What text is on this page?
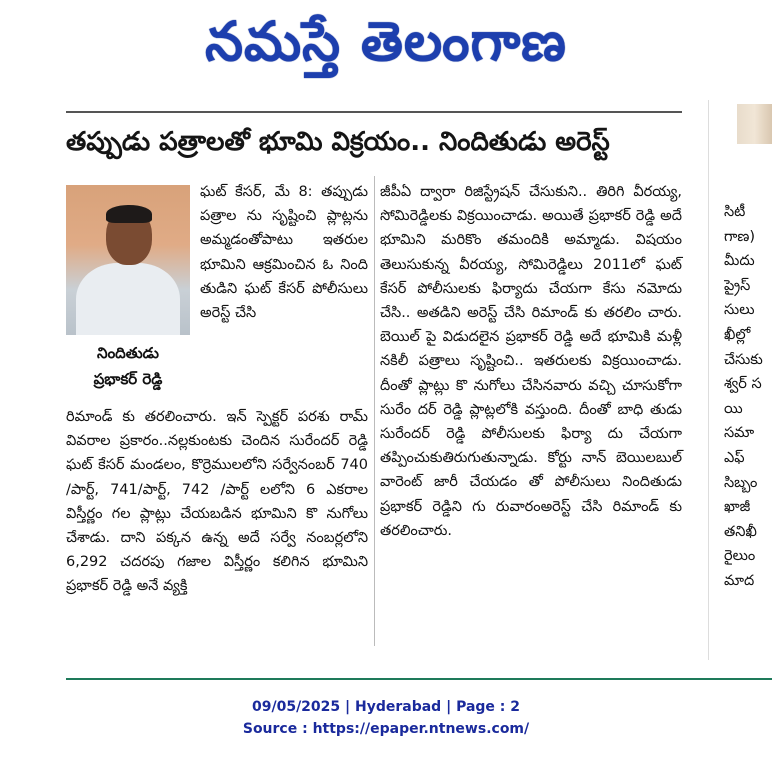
నమస్తే తెలంగాణ
తప్పుడు పత్రాలతో భూమి విక్రయం.. నిందితుడు అరెస్ట్
నిందితుడు
ప్రభాకర్ రెడ్డి

ఘట్ కేసర్, మే 8: తప్పుడు పత్రాల ను సృష్టించి ప్లాట్లను అమ్మడంతోపాటు ఇతరుల భూమిని ఆక్రమించిన ఓ నింది తుడిని ఘట్ కేసర్ పోలీసులు అరెస్ట్ చేసి

రిమాండ్ కు తరలించారు. ఇన్ స్పెక్టర్ పరశు రామ్ వివరాల ప్రకారం..నల్లకుంటకు చెందిన సురేందర్ రెడ్డి ఘట్ కేసర్ మండలం, కొర్రెములలోని సర్వేనంబర్ 740 /పార్ట్, 741/పార్ట్, 742 /పార్ట్ లలోని 6 ఎకరాల విస్తీర్ణం గల ప్లాట్లు చేయబడిన భూమిని కొ నుగోలు చేశాడు. దాని పక్కన ఉన్న అదే సర్వే నంబర్లలోని 6,292 చదరపు గజాల విస్తీర్ణం కలిగిన భూమిని ప్రభాకర్ రెడ్డి అనే వ్యక్తి

జీపీఏ ద్వారా రిజిస్ట్రేషన్ చేసుకుని.. తిరిగి వీరయ్య, సోమిరెడ్డిలకు విక్రయించాడు. అయితే ప్రభాకర్ రెడ్డి అదే భూమిని మరికొం తమందికి అమ్మాడు. విషయం తెలుసుకున్న వీరయ్య, సోమిరెడ్డిలు 2011లో ఘట్ కేసర్ పోలీసులకు ఫిర్యాదు చేయగా కేసు నమోదు చేసి.. అతడిని అరెస్ట్ చేసి రిమాండ్ కు తరలిం చారు. బెయిల్ పై విడుదలైన ప్రభాకర్ రెడ్డి అదే భూమికి మళ్లీ నకిలీ పత్రాలు సృష్టించి.. ఇతరులకు విక్రయించాడు. దీంతో ప్లాట్లు కొ నుగోలు చేసినవారు వచ్చి చూసుకోగా సురేం దర్ రెడ్డి ప్లాట్లలోకి వస్తుంది. దీంతో బాధి తుడు సురేందర్ రెడ్డి పోలీసులకు ఫిర్యా దు చేయగా తప్పించుకుతిరుగుతున్నాడు. కోర్టు నాన్ బెయిలబుల్ వారెంట్ జారీ చేయడం తో పోలీసులు నిందితుడు ప్రభాకర్ రెడ్డిని గు రువారంఅరెస్ట్ చేసి రిమాండ్ కు తరలించారు.

సిటీ
గాణ)
మీదు
ప్రైస్
సులు
ఖీల్లో
చేసుకు
శ్వర్ స
యి
సమా
ఎఫ్
సిబ్బం
ఖాజీ
తనిఖీ
రైలుం
మాద
09/05/2025 | Hyderabad | Page : 2
Source : https://epaper.ntnews.com/
